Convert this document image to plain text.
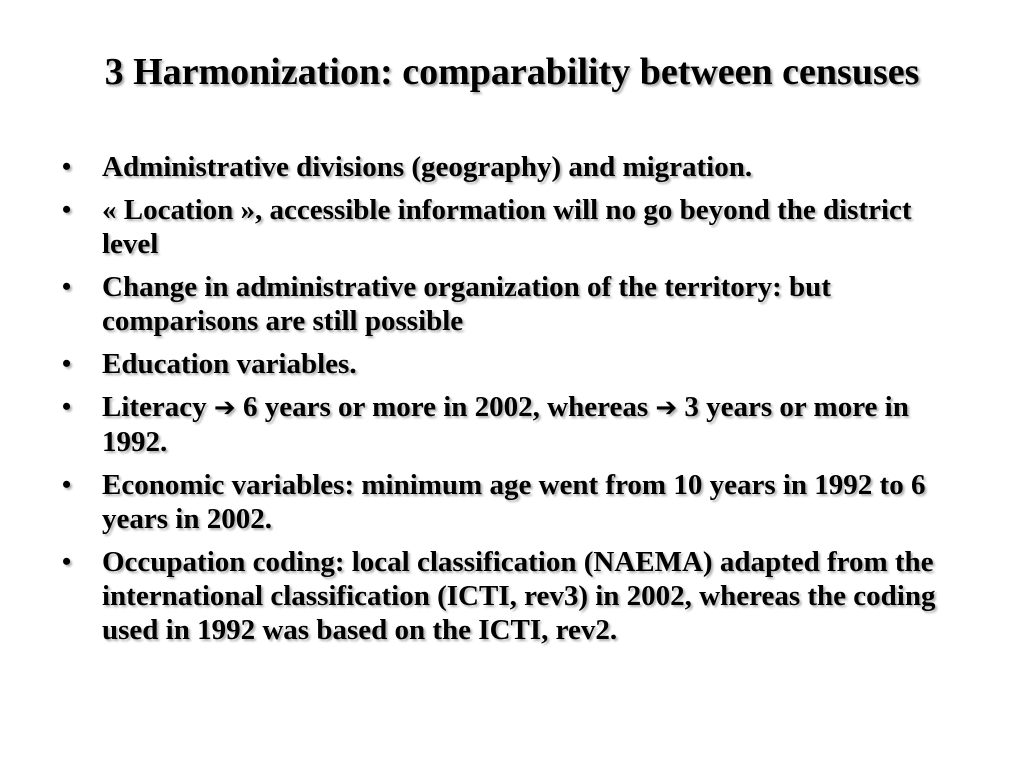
3 Harmonization: comparability between censuses
• Administrative divisions (geography) and migration.
• « Location », accessible information will no go beyond the district level
• Change in administrative organization of the territory: but comparisons are still possible
• Education variables.
• Literacy ➔ 6 years or more in 2002, whereas ➔ 3 years or more in 1992.
• Economic variables: minimum age went from 10 years in 1992 to 6 years in 2002.
• Occupation coding: local classification (NAEMA) adapted from the international classification (ICTI, rev3) in 2002, whereas the coding used in 1992 was based on the ICTI, rev2.
